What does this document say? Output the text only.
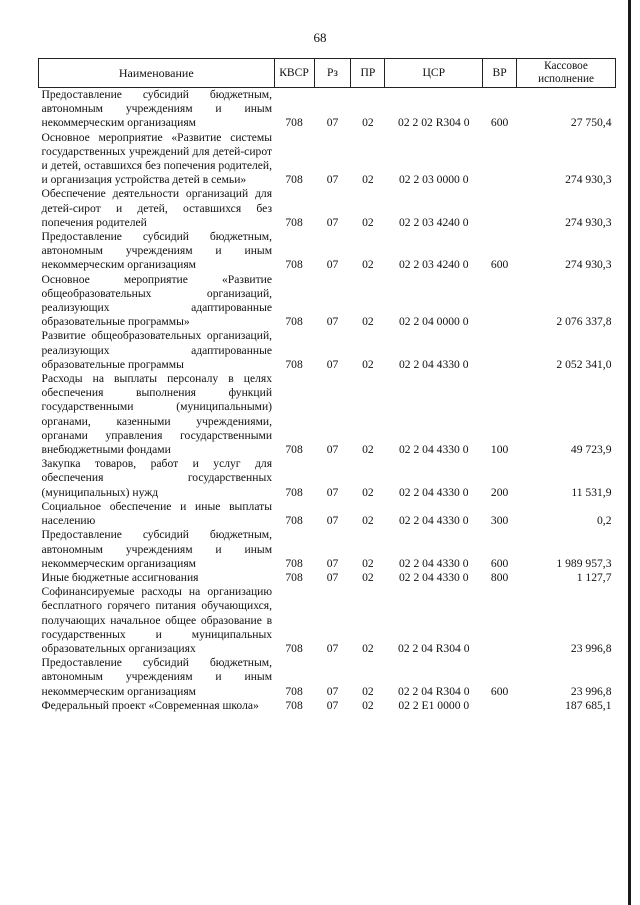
68
Наименование	КВСР	Рз	ПР	ЦСР	ВР	Кассовое исполнение
Предоставление субсидий бюджетным, автономным учреждениям и иным некоммерческим организациям	708	07	02	02 2 02 R304 0	600	27 750,4
Основное мероприятие «Развитие системы государственных учреждений для детей-сирот и детей, оставшихся без попечения родителей, и организация устройства детей в семьи»	708	07	02	02 2 03 0000 0		274 930,3
Обеспечение деятельности организаций для детей-сирот и детей, оставшихся без попечения родителей	708	07	02	02 2 03 4240 0		274 930,3
Предоставление субсидий бюджетным, автономным учреждениям и иным некоммерческим организациям	708	07	02	02 2 03 4240 0	600	274 930,3
Основное мероприятие «Развитие общеобразовательных организаций, реализующих адаптированные образовательные программы»	708	07	02	02 2 04 0000 0		2 076 337,8
Развитие общеобразовательных организаций, реализующих адаптированные образовательные программы	708	07	02	02 2 04 4330 0		2 052 341,0
Расходы на выплаты персоналу в целях обеспечения выполнения функций государственными (муниципальными) органами, казенными учреждениями, органами управления государственными внебюджетными фондами	708	07	02	02 2 04 4330 0	100	49 723,9
Закупка товаров, работ и услуг для обеспечения государственных (муниципальных) нужд	708	07	02	02 2 04 4330 0	200	11 531,9
Социальное обеспечение и иные выплаты населению	708	07	02	02 2 04 4330 0	300	0,2
Предоставление субсидий бюджетным, автономным учреждениям и иным некоммерческим организациям	708	07	02	02 2 04 4330 0	600	1 989 957,3
Иные бюджетные ассигнования	708	07	02	02 2 04 4330 0	800	1 127,7
Софинансируемые расходы на организацию бесплатного горячего питания обучающихся, получающих начальное общее образование в государственных и муниципальных образовательных организациях	708	07	02	02 2 04 R304 0		23 996,8
Предоставление субсидий бюджетным, автономным учреждениям и иным некоммерческим организациям	708	07	02	02 2 04 R304 0	600	23 996,8
Федеральный проект «Современная школа»	708	07	02	02 2 E1 0000 0		187 685,1
